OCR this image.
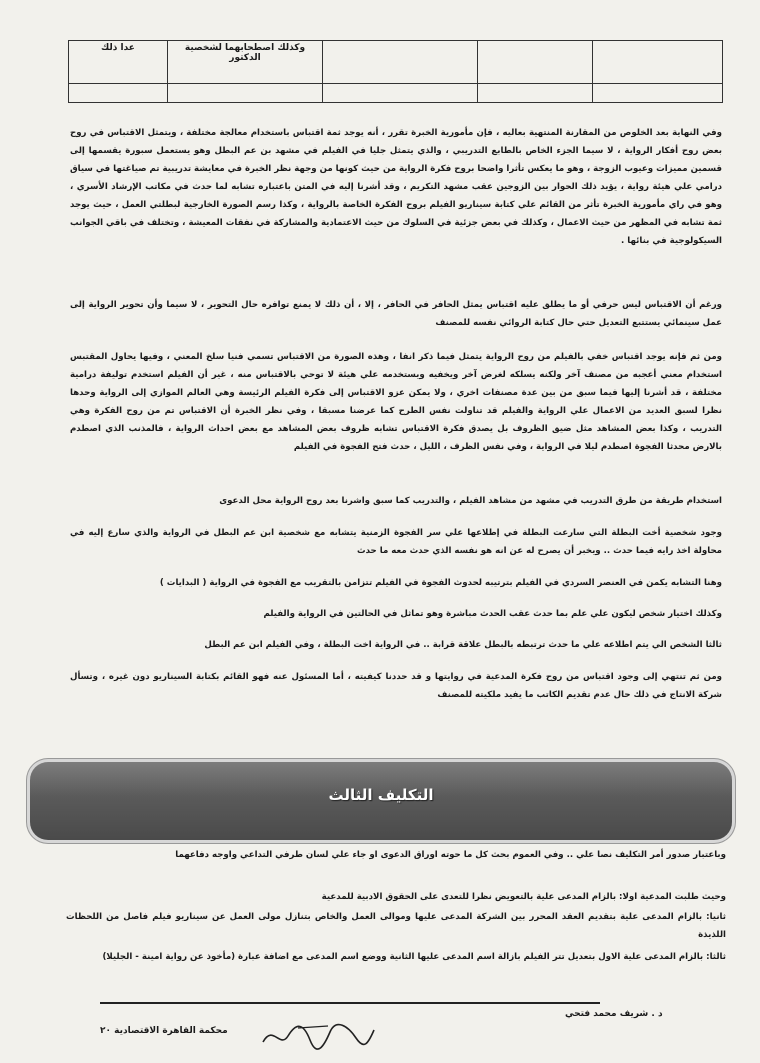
			وكذلك اصطحابهما لشخصية الدكتور	عدا ذلك

وفي النهاية بعد الخلوص من المقارنة المنتهية بعاليه ، فإن مأمورية الخبرة تقرر ، أنه يوجد ثمة اقتباس باستخدام معالجة مختلفة ، ويتمثل الاقتباس في روح بعض روح أفكار الرواية ، لا سيما الجزء الخاص بالطابع التدريبي ، والذي يتمثل جليا في الفيلم في مشهد بن عم البطل وهو يستعمل سبورة يقسمها إلى قسمين مميزات وعيوب الزوجة ، وهو ما يعكس تأثرا واضحا بروح فكرة الرواية من حيث كونها من وجهة نظر الخبرة في معايشة تدريبية تم صياغتها في سياق درامي علي هيئة رواية ، يؤيد ذلك الحوار بين الزوجين عقب مشهد التكريم ، وقد أشرنا إليه في المتن باعتباره تشابه لما حدث في مكاتب الإرشاد الأسري ، وهو في راي مأمورية الخبرة تأثر من القائم علي كتابة سيناريو الفيلم بروح الفكرة الخاصة بالرواية ، وكذا رسم الصورة الخارجية لبطلتي العمل ، حيث يوجد ثمة تشابه في المظهر من حيث الاعمال ، وكذلك في بعض جزئية في السلوك من حيث الاعتمادية والمشاركة في نفقات المعيشة ، وتختلف في باقي الجوانب السيكولوجية في بنائها .
ورغم أن الاقتباس ليس حرفي أو ما يطلق عليه اقتباس يمثل الحافر في الحافر ، إلا ، أن ذلك لا يمنع توافره حال التحوير ، لا سيما وأن تحوير الرواية إلى عمل سينمائي يستتبع التعديل حتي حال كتابة الروائي نفسه للمصنف
ومن ثم فإنه يوجد اقتباس خفي بالفيلم من روح الرواية يتمثل فيما ذكر انفا ، وهذه الصورة من الاقتباس تسمي فنيا سلخ المعني ، وفيها يحاول المقتبس استخدام معني أعجبه من مصنف آخر ولكنه يسلكه لغرض آخر ويخفيه ويستخدمه علي هيئة لا توحي بالاقتباس منه ، غير أن الفيلم استخدم توليفة درامية مختلفة ، قد أشرنا إليها فيما سبق من بين عدة مصنفات اخري ، ولا يمكن عزو الاقتباس إلى فكرة الفيلم الرئيسة وهي العالم الموازي إلى الرواية وحدها نظرا لسبق العديد من الاعمال علي الرواية والفيلم قد تناولت نفس الطرح كما عرضنا مسبقا ، وفي نظر الخبرة أن الاقتباس تم من روح الفكرة وهي التدريب ، وكذا بعض المشاهد مثل ضيق الظروف بل يصدق فكرة الاقتباس تشابه ظروف بعض المشاهد مع بعض احداث الرواية ، فالمذنب الذي اصطدم بالارض محدثا الفجوة اصطدم ليلا في الرواية ، وفي نفس الظرف ، الليل ، حدث فتح الفجوة في الفيلم
استخدام طريقة من طرق التدريب في مشهد من مشاهد الفيلم ، والتدريب كما سبق واشرنا بعد روح الرواية محل الدعوى
وجود شخصية أخت البطلة التي سارعت البطلة في إطلاعها علي سر الفجوة الزمنية يتشابه مع شخصية ابن عم البطل في الرواية والذي سارع إليه في محاولة اخذ رايه فيما حدث .. ويخبر أن يصرح له عن انه هو نفسه الذي حدث معه ما حدث
وهنا التشابه يكمن في العنصر السردي في الفيلم بترتيبه لحدوث الفجوة في الفيلم تتزامن بالتقريب مع الفجوة في الرواية ( البدايات )
وكذلك اختيار شخص ليكون علي علم بما حدث عقب الحدث مباشرة وهو تماثل في الحالتين في الرواية والفيلم
ثالثا الشخص الي يتم اطلاعه علي ما حدث ترتبطه بالبطل علاقة قرابة .. في الرواية اخت البطلة ، وفي الفيلم ابن عم البطل
ومن ثم تنتهي إلى وجود اقتباس من روح فكرة المدعية في روايتها و قد حددنا كيفيته ، أما المسئول عنه فهو القائم بكتابة السيناريو دون غيره ، وتسأل شركة الانتاج في ذلك حال عدم تقديم الكاتب ما يفيد ملكيته للمصنف
التكليف الثالث
وباعتبار صدور أمر التكليف نصا علي .. وفي العموم بحث كل ما حوته اوراق الدعوى او جاء علي لسان طرفي التداعي واوجه دفاعهما
وحيث طلبت المدعية اولا: بالزام المدعى علية بالتعويض نظرا للتعدى على الحقوق الادبية للمدعية
ثانيا: بالزام المدعى علية بتقديم العقد المحرر بين الشركة المدعى عليها وموالى العمل والخاص بتنازل مولى العمل عن سيناريو فيلم فاصل من اللحظات اللذيذة
ثالثا: بالزام المدعى علية الاول بتعديل تتر الفيلم بازالة اسم المدعى عليها الثانية ووضع اسم المدعى مع اضافة عبارة (مأخوذ عن رواية امينة - الجليلا)
د . شريف محمد فتحي
محكمة القاهرة الاقتصادية ٢٠
